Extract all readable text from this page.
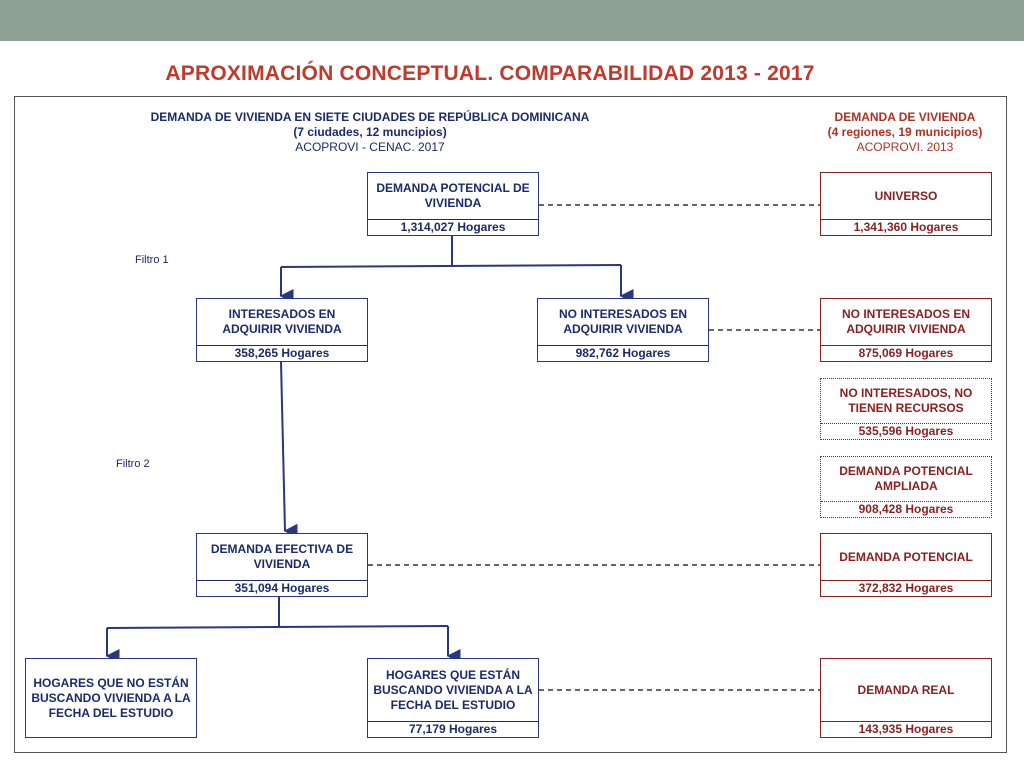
APROXIMACIÓN CONCEPTUAL. COMPARABILIDAD 2013 - 2017
DEMANDA DE VIVIENDA EN SIETE CIUDADES DE REPÚBLICA DOMINICANA
(7 ciudades, 12 muncipios)
ACOPROVI - CENAC. 2017
DEMANDA DE VIVIENDA
(4 regiones, 19 municipios)
ACOPROVI. 2013
Filtro 1
Filtro 2
DEMANDA POTENCIAL DE VIVIENDA
1,314,027 Hogares
INTERESADOS EN ADQUIRIR VIVIENDA
358,265 Hogares
NO INTERESADOS EN ADQUIRIR VIVIENDA
982,762 Hogares
DEMANDA EFECTIVA DE VIVIENDA
351,094 Hogares
HOGARES QUE NO ESTÁN BUSCANDO VIVIENDA A LA FECHA DEL ESTUDIO
HOGARES QUE ESTÁN BUSCANDO VIVIENDA A LA FECHA DEL ESTUDIO
77,179 Hogares
UNIVERSO
1,341,360 Hogares
NO INTERESADOS EN ADQUIRIR VIVIENDA
875,069 Hogares
NO INTERESADOS, NO TIENEN RECURSOS
535,596 Hogares
DEMANDA POTENCIAL AMPLIADA
908,428 Hogares
DEMANDA POTENCIAL
372,832 Hogares
DEMANDA REAL
143,935 Hogares
